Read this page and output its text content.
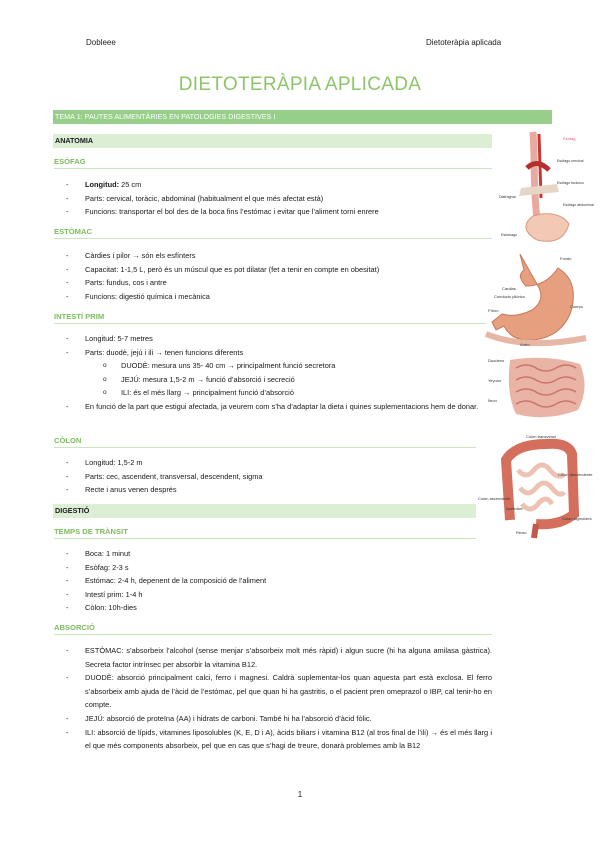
Dobleee	Dietoteràpia aplicada
DIETOTERÀPIA APLICADA
TEMA 1: PAUTES ALIMENTÀRIES EN PATOLOGIES DIGESTIVES I
ANATOMIA
ESÒFAG
- Longitud: 25 cm
- Parts: cervical, toràcic, abdominal (habitualment el que més afectat està)
- Funcions: transportar el bol des de la boca fins l’estómac i evitar que l’aliment torni enrere
ESTÒMAC
- Càrdies i pilor → són els esfínters
- Capacitat: 1-1,5 L, però és un múscul que es pot dilatar (fet a tenir en compte en obesitat)
- Parts: fundus, cos i antre
- Funcions: digestió química i mecànica
INTESTÍ PRIM
- Longitud: 5-7 metres
- Parts: duodè, jejú i ili → tenen funcions diferents
o DUODÈ: mesura uns 35- 40 cm → principalment funció secretora
o JEJÚ: mesura 1,5-2 m → funció d’absorció i secreció
o ILI: és el més llarg → principalment funció d’absorció
- En funció de la part que estigui afectada, ja veurem com s’ha d’adaptar la dieta i quines suplementacions hem de donar.
CÒLON
- Longitud: 1,5-2 m
- Parts: cec, ascendent, transversal, descendent, sigma
- Recte i anus venen després
DIGESTIÓ
TEMPS DE TRÀNSIT
- Boca: 1 minut
- Esòfag: 2-3 s
- Estómac: 2-4 h, depenent de la composició de l’aliment
- Intestí prim: 1-4 h
- Còlon: 10h-dies
ABSORCIÓ
- ESTÓMAC: s’absorbeix l’alcohol (sense menjar s’absorbeix molt més ràpid) i algun sucre (hi ha alguna amilasa gàstrica). Secreta factor intrínsec per absorbir la vitamina B12.
- DUODÈ: absorció principalment calci, ferro i magnesi. Caldrà suplementar-los quan aquesta part està exclosa. El ferro s’absorbeix amb ajuda de l’àcid de l’estómac, pel que quan hi ha gastritis, o el pacient pren omeprazol o IBP, cal tenir-ho en compte.
- JEJÚ: absorció de proteïna (AA) i hidrats de carboni. També hi ha l’absorció d’àcid fòlic.
- ILI: absorció de lípids, vitamines liposolubles (K, E, D i A), àcids biliars i vitamina B12 (al tros final de l’ili) → és el més llarg i el que més components absorbeix, pel que en cas que s’hagi de treure, donarà problemes amb la B12
1
Esòfag
Esòfago cervical
Esòfago torácico
Diafragma
Esòfago abdominal
Estómago
Fondo
Cardias
Conducto pilórico
Píloro
Cuerpo
Antro
Duodeno
Yeyuno
Íleon
Colon transverso
Colon ascendente
Colon descendente
Apéndice
Colon sigmoides
Recto
